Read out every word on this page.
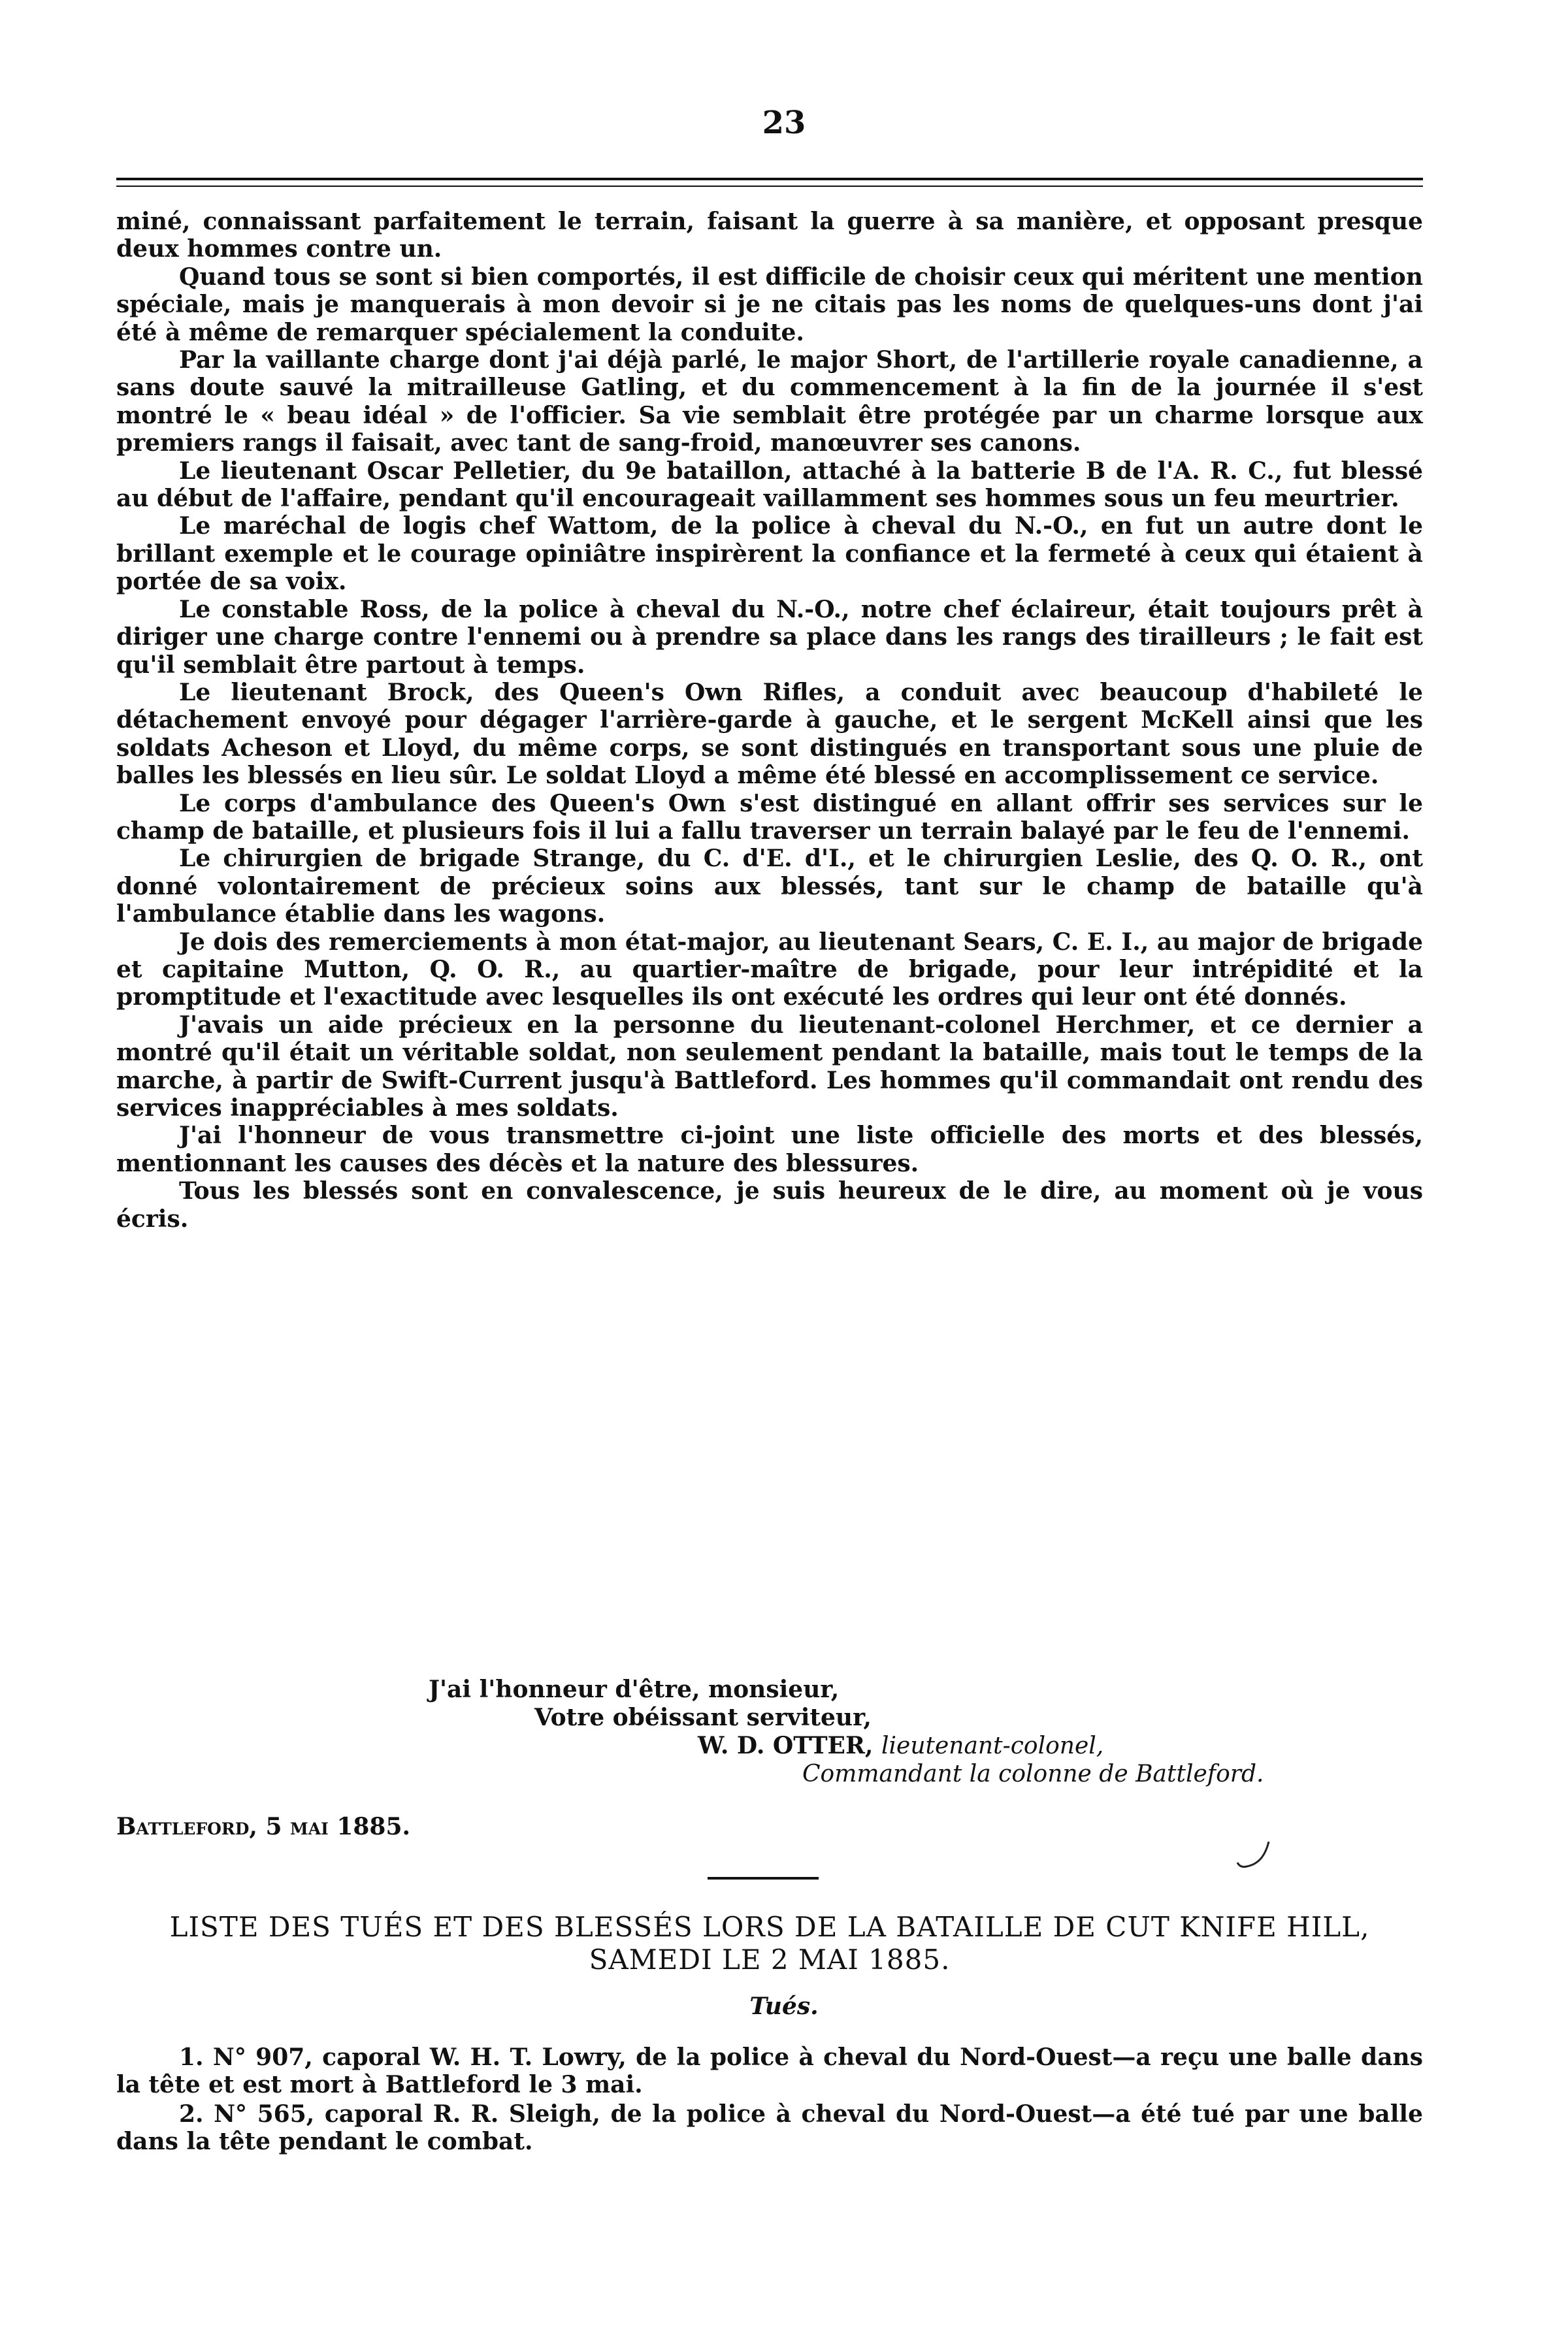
23

miné, connaissant parfaitement le terrain, faisant la guerre à sa manière, et opposant presque deux hommes contre un.

Quand tous se sont si bien comportés, il est difficile de choisir ceux qui méritent une mention spéciale, mais je manquerais à mon devoir si je ne citais pas les noms de quelques-uns dont j'ai été à même de remarquer spécialement la conduite.

Par la vaillante charge dont j'ai déjà parlé, le major Short, de l'artillerie royale canadienne, a sans doute sauvé la mitrailleuse Gatling, et du commencement à la fin de la journée il s'est montré le « beau idéal » de l'officier. Sa vie semblait être protégée par un charme lorsque aux premiers rangs il faisait, avec tant de sang-froid, manœuvrer ses canons.

Le lieutenant Oscar Pelletier, du 9e bataillon, attaché à la batterie B de l'A. R. C., fut blessé au début de l'affaire, pendant qu'il encourageait vaillamment ses hommes sous un feu meurtrier.

Le maréchal de logis chef Wattom, de la police à cheval du N.-O., en fut un autre dont le brillant exemple et le courage opiniâtre inspirèrent la confiance et la fermeté à ceux qui étaient à portée de sa voix.

Le constable Ross, de la police à cheval du N.-O., notre chef éclaireur, était toujours prêt à diriger une charge contre l'ennemi ou à prendre sa place dans les rangs des tirailleurs ; le fait est qu'il semblait être partout à temps.

Le lieutenant Brock, des Queen's Own Rifles, a conduit avec beaucoup d'habileté le détachement envoyé pour dégager l'arrière-garde à gauche, et le sergent McKell ainsi que les soldats Acheson et Lloyd, du même corps, se sont distingués en transportant sous une pluie de balles les blessés en lieu sûr. Le soldat Lloyd a même été blessé en accomplissement ce service.

Le corps d'ambulance des Queen's Own s'est distingué en allant offrir ses services sur le champ de bataille, et plusieurs fois il lui a fallu traverser un terrain balayé par le feu de l'ennemi.

Le chirurgien de brigade Strange, du C. d'E. d'I., et le chirurgien Leslie, des Q. O. R., ont donné volontairement de précieux soins aux blessés, tant sur le champ de bataille qu'à l'ambulance établie dans les wagons.

Je dois des remerciements à mon état-major, au lieutenant Sears, C. E. I., au major de brigade et capitaine Mutton, Q. O. R., au quartier-maître de brigade, pour leur intrépidité et la promptitude et l'exactitude avec lesquelles ils ont exécuté les ordres qui leur ont été donnés.

J'avais un aide précieux en la personne du lieutenant-colonel Herchmer, et ce dernier a montré qu'il était un véritable soldat, non seulement pendant la bataille, mais tout le temps de la marche, à partir de Swift-Current jusqu'à Battleford. Les hommes qu'il commandait ont rendu des services inappréciables à mes soldats.

J'ai l'honneur de vous transmettre ci-joint une liste officielle des morts et des blessés, mentionnant les causes des décès et la nature des blessures.

Tous les blessés sont en convalescence, je suis heureux de le dire, au moment où je vous écris.

J'ai l'honneur d'être, monsieur,
Votre obéissant serviteur,
W. D. OTTER, lieutenant-colonel,
Commandant la colonne de Battleford.
Battleford, 5 mai 1885.
LISTE DES TUÉS ET DES BLESSÉS LORS DE LA BATAILLE DE CUT KNIFE HILL, SAMEDI LE 2 MAI 1885.
Tués.

1. N° 907, caporal W. H. T. Lowry, de la police à cheval du Nord-Ouest—a reçu une balle dans la tête et est mort à Battleford le 3 mai.

2. N° 565, caporal R. R. Sleigh, de la police à cheval du Nord-Ouest—a été tué par une balle dans la tête pendant le combat.
